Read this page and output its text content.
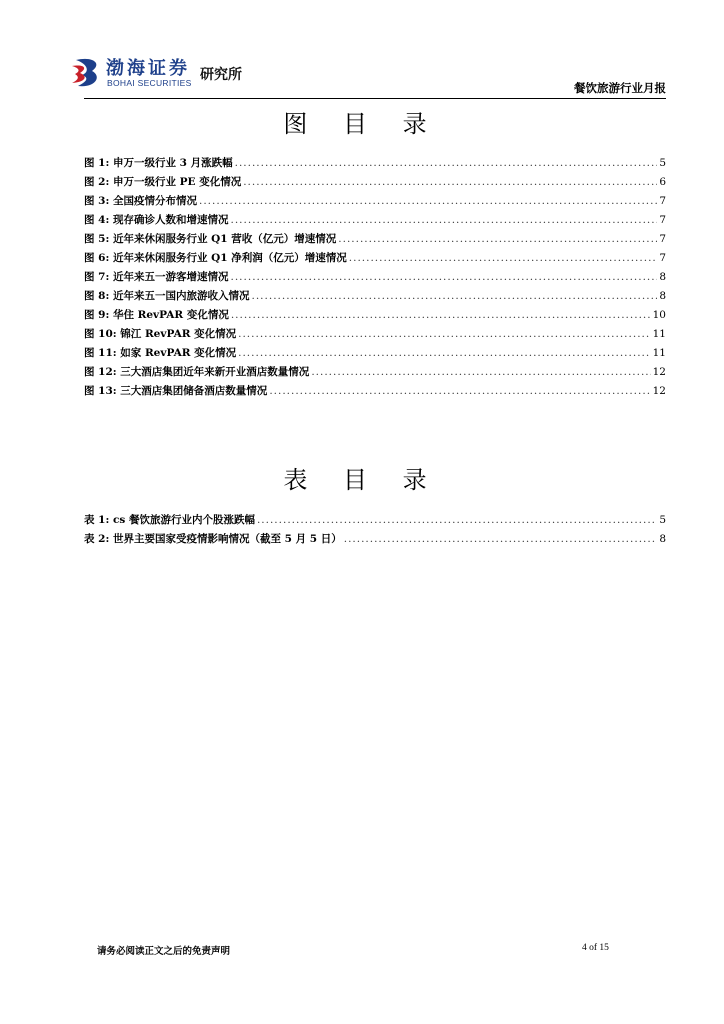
渤海证券
BOHAI SECURITIES 研究所
餐饮旅游行业月报
图 目 录
图 1: 申万一级行业 3 月涨跌幅 .....	5
图 2: 申万一级行业 PE 变化情况 .....	6
图 3: 全国疫情分布情况 .....	7
图 4: 现存确诊人数和增速情况 .....	7
图 5: 近年来休闲服务行业 Q1 营收（亿元）增速情况 .....	7
图 6: 近年来休闲服务行业 Q1 净利润（亿元）增速情况 .....	7
图 7: 近年来五一游客增速情况 .....	8
图 8: 近年来五一国内旅游收入情况 .....	8
图 9: 华住 RevPAR 变化情况 .....	10
图 10: 锦江 RevPAR 变化情况 .....	11
图 11: 如家 RevPAR 变化情况 .....	11
图 12: 三大酒店集团近年来新开业酒店数量情况 .....	12
图 13: 三大酒店集团储备酒店数量情况 .....	12
表 目 录
表 1: cs 餐饮旅游行业内个股涨跌幅 .....	5
表 2: 世界主要国家受疫情影响情况（截至 5 月 5 日） .....	8
请务必阅读正文之后的免责声明	4 of 15
